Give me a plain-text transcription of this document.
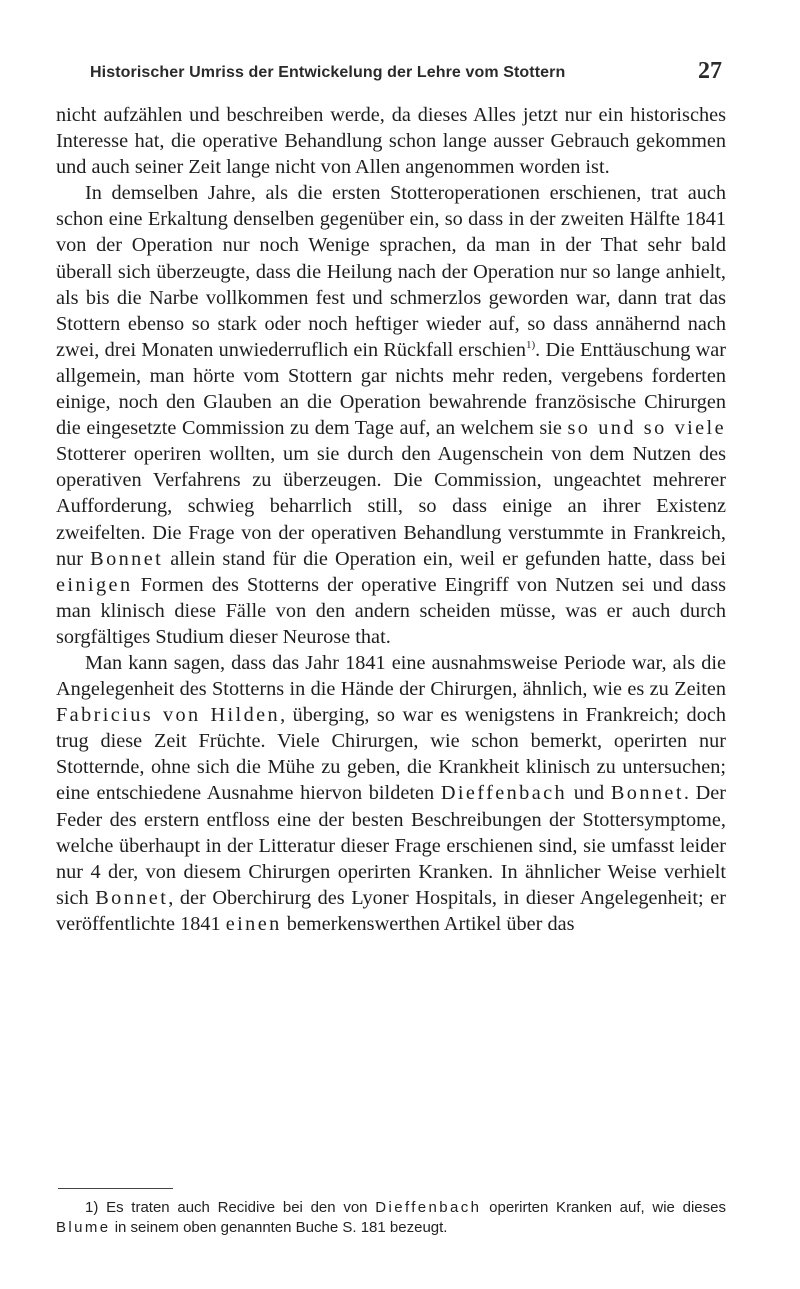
Historischer Umriss der Entwickelung der Lehre vom Stottern	27

nicht aufzählen und beschreiben werde, da dieses Alles jetzt nur ein historisches Interesse hat, die operative Behandlung schon lange ausser Gebrauch gekommen und auch seiner Zeit lange nicht von Allen angenommen worden ist.

In demselben Jahre, als die ersten Stotteroperationen erschienen, trat auch schon eine Erkaltung denselben gegenüber ein, so dass in der zweiten Hälfte 1841 von der Operation nur noch Wenige sprachen, da man in der That sehr bald überall sich überzeugte, dass die Heilung nach der Operation nur so lange anhielt, als bis die Narbe vollkommen fest und schmerzlos geworden war, dann trat das Stottern ebenso so stark oder noch heftiger wieder auf, so dass annähernd nach zwei, drei Monaten unwiederruflich ein Rückfall erschien$^{1)}$. Die Enttäuschung war allgemein, man hörte vom Stottern gar nichts mehr reden, vergebens forderten einige, noch den Glauben an die Operation bewahrende französische Chirurgen die eingesetzte Commission zu dem Tage auf, an welchem sie so und so viele Stotterer operiren wollten, um sie durch den Augenschein von dem Nutzen des operativen Verfahrens zu überzeugen. Die Commission, ungeachtet mehrerer Aufforderung, schwieg beharrlich still, so dass einige an ihrer Existenz zweifelten. Die Frage von der operativen Behandlung verstummte in Frankreich, nur Bonnet allein stand für die Operation ein, weil er gefunden hatte, dass bei einigen Formen des Stotterns der operative Eingriff von Nutzen sei und dass man klinisch diese Fälle von den andern scheiden müsse, was er auch durch sorgfältiges Studium dieser Neurose that.

Man kann sagen, dass das Jahr 1841 eine ausnahmsweise Periode war, als die Angelegenheit des Stotterns in die Hände der Chirurgen, ähnlich, wie es zu Zeiten Fabricius von Hilden, überging, so war es wenigstens in Frankreich; doch trug diese Zeit Früchte. Viele Chirurgen, wie schon bemerkt, operirten nur Stotternde, ohne sich die Mühe zu geben, die Krankheit klinisch zu untersuchen; eine entschiedene Ausnahme hiervon bildeten Dieffenbach und Bonnet. Der Feder des erstern entfloss eine der besten Beschreibungen der Stottersymptome, welche überhaupt in der Litteratur dieser Frage erschienen sind, sie umfasst leider nur 4 der, von diesem Chirurgen operirten Kranken. In ähnlicher Weise verhielt sich Bonnet, der Oberchirurg des Lyoner Hospitals, in dieser Angelegenheit; er veröffentlichte 1841 einen bemerkenswerthen Artikel über das

1) Es traten auch Recidive bei den von Dieffenbach operirten Kranken auf, wie dieses Blume in seinem oben genannten Buche S. 181 bezeugt.
